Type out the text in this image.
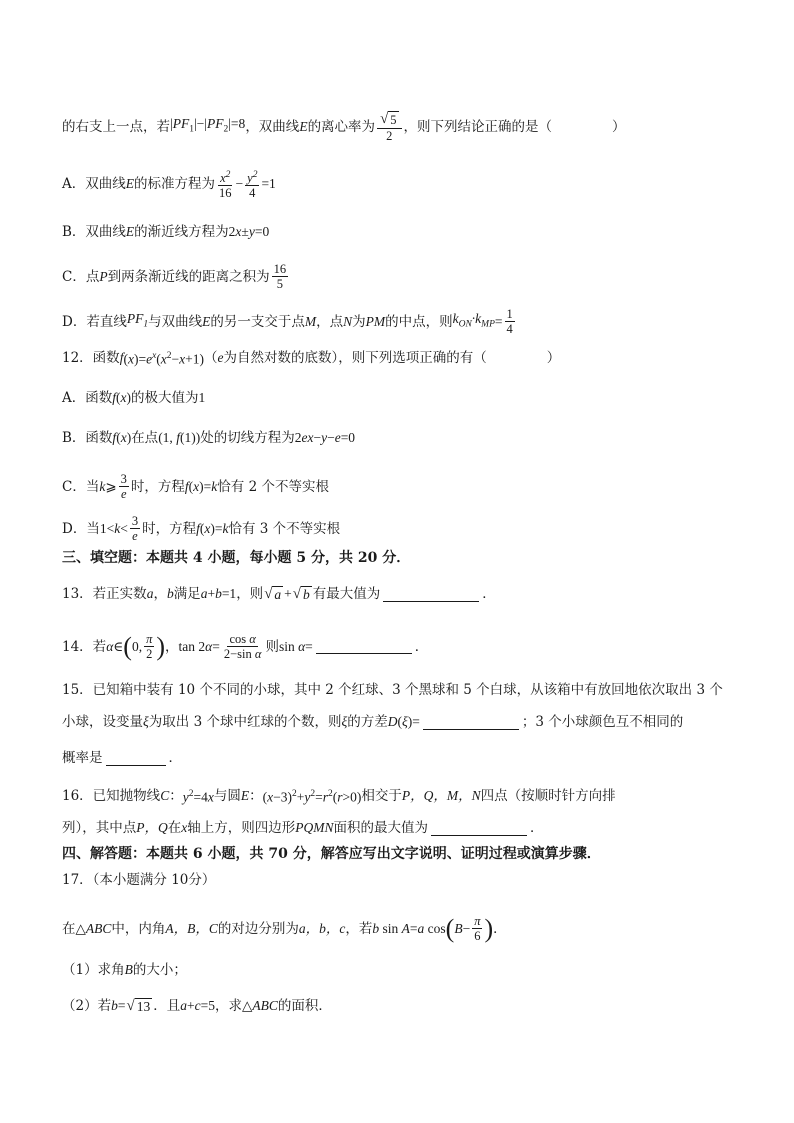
的右支上一点，若 $|PF_1|-|PF_2|=8$ ，双曲线 E 的离心率为 $\frac{√ 5}{2}$ ，则下列结论正确的是（	）
A．双曲线 E 的标准方程为 $\frac{x^2}{16} - \frac{y^2}{4} =1$
B．双曲线 E 的渐近线方程为 2x±y=0
C．点 P 到两条渐近线的距离之积为 $\frac{16}{5}$
D．若直线 $PF_1$ 与双曲线 E 的另一支交于点 M ，点 N 为 PM 的中点，则 $k_{ON}\cdot k_{MP} = \frac{1}{4}$
12．函数 f $(x)=e^x(x^2-x+1)$ （ e 为自然对数的底数），则下列选项正确的有（	）
A．函数 f(x) 的极大值为 1
B．函数 f(x) 在点 (1, f(1)) 处的切线方程为 2ex−y−e=0
C．当 k ⩾ $\frac{3}{e}$ 时，方程 f(x)=k 恰有 2 个不等实根
D．当 $1<k< \frac{3}{e}$ 时，方程 f(x)=k 恰有 3 个不等实根
三、填空题：本题共 4 小题，每小题 5 分，共 20 分．
13．若正实数 a ， b 满足 a+b=1 ，则 √ a + √ b 有最大值为	．
14．若 α∈ ( 0, $\frac{\pi}{2}$ ) ， $\tan 2\alpha= \frac{\text{cos α}}{\text{2−sin α}}$ 则 sin α=	．
15．已知箱中装有 10 个不同的小球，其中 2 个红球、3 个黑球和 5 个白球，从该箱中有放回地依次取出 3 个
小球，设变量 ξ 为取出 3 个球中红球的个数，则 ξ 的方差 D(ξ)=	；3 个小球颜色互不相同的
概率是	．
16．已知抛物线 C ： $y^2=4x$ 与圆 E ： $(x-3)^2+y^2=r^2(r>0)$ 相交于 P，Q，M，N 四点（按顺时针方向排
列），其中点 P，Q 在 x 轴上方，则四边形 PQMN 面积的最大值为	．
四、解答题：本题共 6 小题，共 70 分，解答应写出文字说明、证明过程或演算步骤．
17．（本小题满分 10分）
在△ ABC 中，内角 A，B，C 的对边分别为 a，b，c ，若 b sin A=a cos ( $B- \frac{\pi}{6}$ ) ．
（1）求角 B 的大小；
（2）若 b= √ 13 ．且 a+c=5 ，求△ ABC 的面积．
